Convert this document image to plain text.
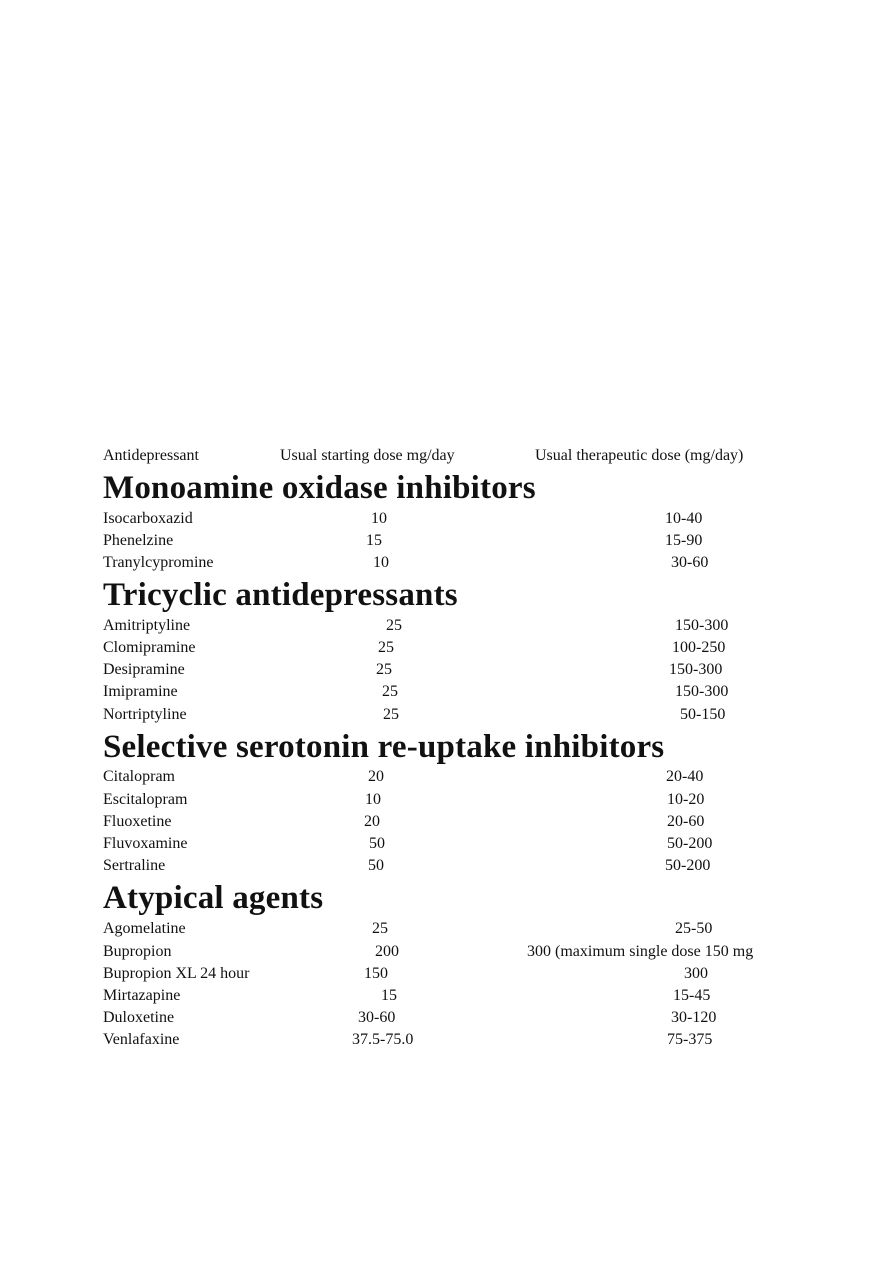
Antidepressant	Usual starting dose mg/day	Usual therapeutic dose (mg/day)
Monoamine oxidase inhibitors
Isocarboxazid	10	10-40
Phenelzine	15	15-90
Tranylcypromine	10	30-60
Tricyclic antidepressants
Amitriptyline	25	150-300
Clomipramine	25	100-250
Desipramine	25	150-300
Imipramine	25	150-300
Nortriptyline	25	50-150
Selective serotonin re-uptake inhibitors
Citalopram	20	20-40
Escitalopram	10	10-20
Fluoxetine	20	20-60
Fluvoxamine	50	50-200
Sertraline	50	50-200
Atypical agents
Agomelatine	25	25-50
Bupropion	200	300 (maximum single dose 150 mg
Bupropion XL 24 hour	150	300
Mirtazapine	15	15-45
Duloxetine	30-60	30-120
Venlafaxine	37.5-75.0	75-375
